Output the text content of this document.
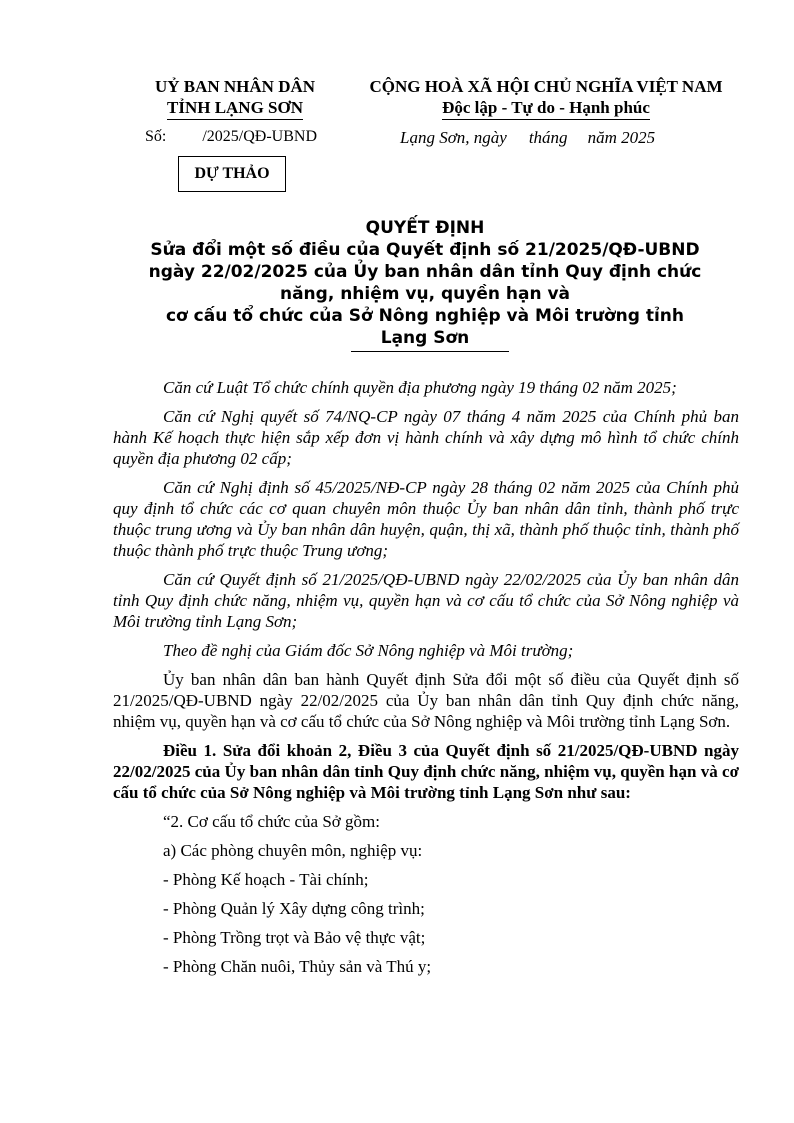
UỶ BAN NHÂN DÂN
TỈNH LẠNG SƠN
CỘNG HOÀ XÃ HỘI CHỦ NGHĨA VIỆT NAM
Độc lập - Tự do - Hạnh phúc
Số: /2025/QĐ-UBND	Lạng Sơn, ngày tháng năm 2025
DỰ THẢO
QUYẾT ĐỊNH
Sửa đổi một số điều của Quyết định số 21/2025/QĐ-UBND
ngày 22/02/2025 của Ủy ban nhân dân tỉnh Quy định chức
năng, nhiệm vụ, quyền hạn và
cơ cấu tổ chức của Sở Nông nghiệp và Môi trường tỉnh
Lạng Sơn

Căn cứ Luật Tổ chức chính quyền địa phương ngày 19 tháng 02 năm 2025;

Căn cứ Nghị quyết số 74/NQ-CP ngày 07 tháng 4 năm 2025 của Chính phủ ban hành Kế hoạch thực hiện sắp xếp đơn vị hành chính và xây dựng mô hình tổ chức chính quyền địa phương 02 cấp;

Căn cứ Nghị định số 45/2025/NĐ-CP ngày 28 tháng 02 năm 2025 của Chính phủ quy định tổ chức các cơ quan chuyên môn thuộc Ủy ban nhân dân tỉnh, thành phố trực thuộc trung ương và Ủy ban nhân dân huyện, quận, thị xã, thành phố thuộc tỉnh, thành phố thuộc thành phố trực thuộc Trung ương;

Căn cứ Quyết định số 21/2025/QĐ-UBND ngày 22/02/2025 của Ủy ban nhân dân tỉnh Quy định chức năng, nhiệm vụ, quyền hạn và cơ cấu tổ chức của Sở Nông nghiệp và Môi trường tỉnh Lạng Sơn;

Theo đề nghị của Giám đốc Sở Nông nghiệp và Môi trường;

Ủy ban nhân dân ban hành Quyết định Sửa đổi một số điều của Quyết định số 21/2025/QĐ-UBND ngày 22/02/2025 của Ủy ban nhân dân tỉnh Quy định chức năng, nhiệm vụ, quyền hạn và cơ cấu tổ chức của Sở Nông nghiệp và Môi trường tỉnh Lạng Sơn.

Điều 1. Sửa đổi khoản 2, Điều 3 của Quyết định số 21/2025/QĐ-UBND ngày 22/02/2025 của Ủy ban nhân dân tỉnh Quy định chức năng, nhiệm vụ, quyền hạn và cơ cấu tổ chức của Sở Nông nghiệp và Môi trường tỉnh Lạng Sơn như sau:

“2. Cơ cấu tổ chức của Sở gồm:

a) Các phòng chuyên môn, nghiệp vụ:

- Phòng Kế hoạch - Tài chính;

- Phòng Quản lý Xây dựng công trình;

- Phòng Trồng trọt và Bảo vệ thực vật;

- Phòng Chăn nuôi, Thủy sản và Thú y;
